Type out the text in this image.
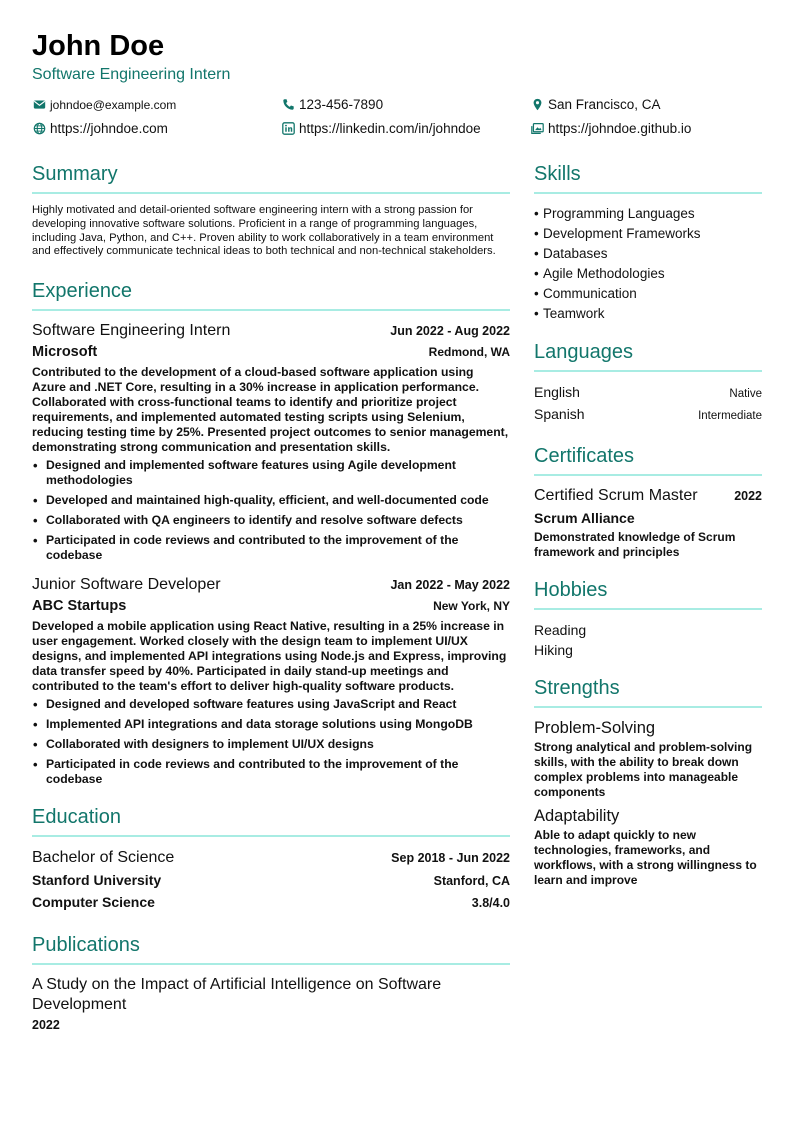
John Doe
Software Engineering Intern
johndoe@example.com	123-456-7890	San Francisco, CA
https://johndoe.com	https://linkedin.com/in/johndoe	https://johndoe.github.io
Summary
Highly motivated and detail-oriented software engineering intern with a strong passion for developing innovative software solutions. Proficient in a range of programming languages, including Java, Python, and C++. Proven ability to work collaboratively in a team environment and effectively communicate technical ideas to both technical and non-technical stakeholders.
Experience
Software Engineering Intern	Jun 2022 - Aug 2022
Microsoft	Redmond, WA
Contributed to the development of a cloud-based software application using Azure and .NET Core, resulting in a 30% increase in application performance. Collaborated with cross-functional teams to identify and prioritize project requirements, and implemented automated testing scripts using Selenium, reducing testing time by 25%. Presented project outcomes to senior management, demonstrating strong communication and presentation skills.
• Designed and implemented software features using Agile development methodologies
• Developed and maintained high-quality, efficient, and well-documented code
• Collaborated with QA engineers to identify and resolve software defects
• Participated in code reviews and contributed to the improvement of the codebase
Junior Software Developer	Jan 2022 - May 2022
ABC Startups	New York, NY
Developed a mobile application using React Native, resulting in a 25% increase in user engagement. Worked closely with the design team to implement UI/UX designs, and implemented API integrations using Node.js and Express, improving data transfer speed by 40%. Participated in daily stand-up meetings and contributed to the team's effort to deliver high-quality software products.
• Designed and developed software features using JavaScript and React
• Implemented API integrations and data storage solutions using MongoDB
• Collaborated with designers to implement UI/UX designs
• Participated in code reviews and contributed to the improvement of the codebase
Education
Bachelor of Science	Sep 2018 - Jun 2022
Stanford University	Stanford, CA
Computer Science	3.8/4.0
Publications
A Study on the Impact of Artificial Intelligence on Software Development
2022
Skills
• Programming Languages
• Development Frameworks
• Databases
• Agile Methodologies
• Communication
• Teamwork
Languages
English	Native
Spanish	Intermediate
Certificates
Certified Scrum Master	2022
Scrum Alliance
Demonstrated knowledge of Scrum framework and principles
Hobbies
Reading
Hiking
Strengths
Problem-Solving
Strong analytical and problem-solving skills, with the ability to break down complex problems into manageable components
Adaptability
Able to adapt quickly to new technologies, frameworks, and workflows, with a strong willingness to learn and improve
